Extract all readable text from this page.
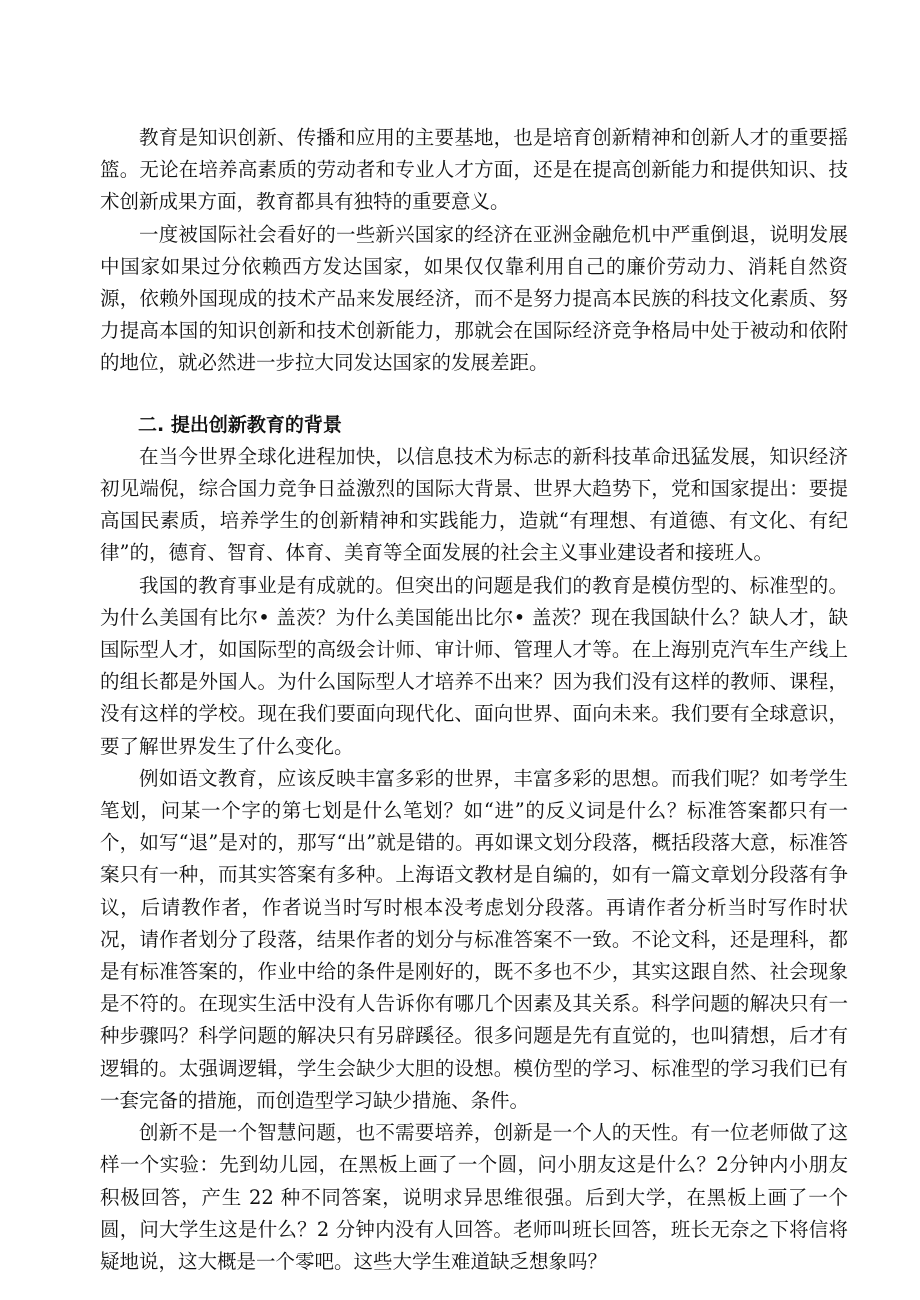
教育是知识创新、传播和应用的主要基地，也是培育创新精神和创新人才的重要摇篮。无论在培养高素质的劳动者和专业人才方面，还是在提高创新能力和提供知识、技术创新成果方面，教育都具有独特的重要意义。

一度被国际社会看好的一些新兴国家的经济在亚洲金融危机中严重倒退，说明发展中国家如果过分依赖西方发达国家，如果仅仅靠利用自己的廉价劳动力、消耗自然资源，依赖外国现成的技术产品来发展经济，而不是努力提高本民族的科技文化素质、努力提高本国的知识创新和技术创新能力，那就会在国际经济竞争格局中处于被动和依附的地位，就必然进一步拉大同发达国家的发展差距。

二. 提出创新教育的背景

在当今世界全球化进程加快，以信息技术为标志的新科技革命迅猛发展，知识经济初见端倪，综合国力竞争日益激烈的国际大背景、世界大趋势下，党和国家提出：要提高国民素质，培养学生的创新精神和实践能力，造就“有理想、有道德、有文化、有纪律”的，德育、智育、体育、美育等全面发展的社会主义事业建设者和接班人。

我国的教育事业是有成就的。但突出的问题是我们的教育是模仿型的、标准型的。为什么美国有比尔• 盖茨？为什么美国能出比尔• 盖茨？现在我国缺什么？缺人才，缺国际型人才，如国际型的高级会计师、审计师、管理人才等。在上海别克汽车生产线上的组长都是外国人。为什么国际型人才培养不出来？因为我们没有这样的教师、课程，没有这样的学校。现在我们要面向现代化、面向世界、面向未来。我们要有全球意识，要了解世界发生了什么变化。

例如语文教育，应该反映丰富多彩的世界，丰富多彩的思想。而我们呢？如考学生笔划，问某一个字的第七划是什么笔划？如“进”的反义词是什么？标准答案都只有一个，如写“退”是对的，那写“出”就是错的。再如课文划分段落，概括段落大意，标准答案只有一种，而其实答案有多种。上海语文教材是自编的，如有一篇文章划分段落有争议，后请教作者，作者说当时写时根本没考虑划分段落。再请作者分析当时写作时状况，请作者划分了段落，结果作者的划分与标准答案不一致。不论文科，还是理科，都是有标准答案的，作业中给的条件是刚好的，既不多也不少，其实这跟自然、社会现象是不符的。在现实生活中没有人告诉你有哪几个因素及其关系。科学问题的解决只有一种步骤吗？科学问题的解决只有另辟蹊径。很多问题是先有直觉的，也叫猜想，后才有逻辑的。太强调逻辑，学生会缺少大胆的设想。模仿型的学习、标准型的学习我们已有一套完备的措施，而创造型学习缺少措施、条件。

创新不是一个智慧问题，也不需要培养，创新是一个人的天性。有一位老师做了这样一个实验：先到幼儿园，在黑板上画了一个圆，问小朋友这是什么？2分钟内小朋友积极回答，产生 22 种不同答案，说明求异思维很强。后到大学，在黑板上画了一个圆，问大学生这是什么？2 分钟内没有人回答。老师叫班长回答，班长无奈之下将信将疑地说，这大概是一个零吧。这些大学生难道缺乏想象吗？
